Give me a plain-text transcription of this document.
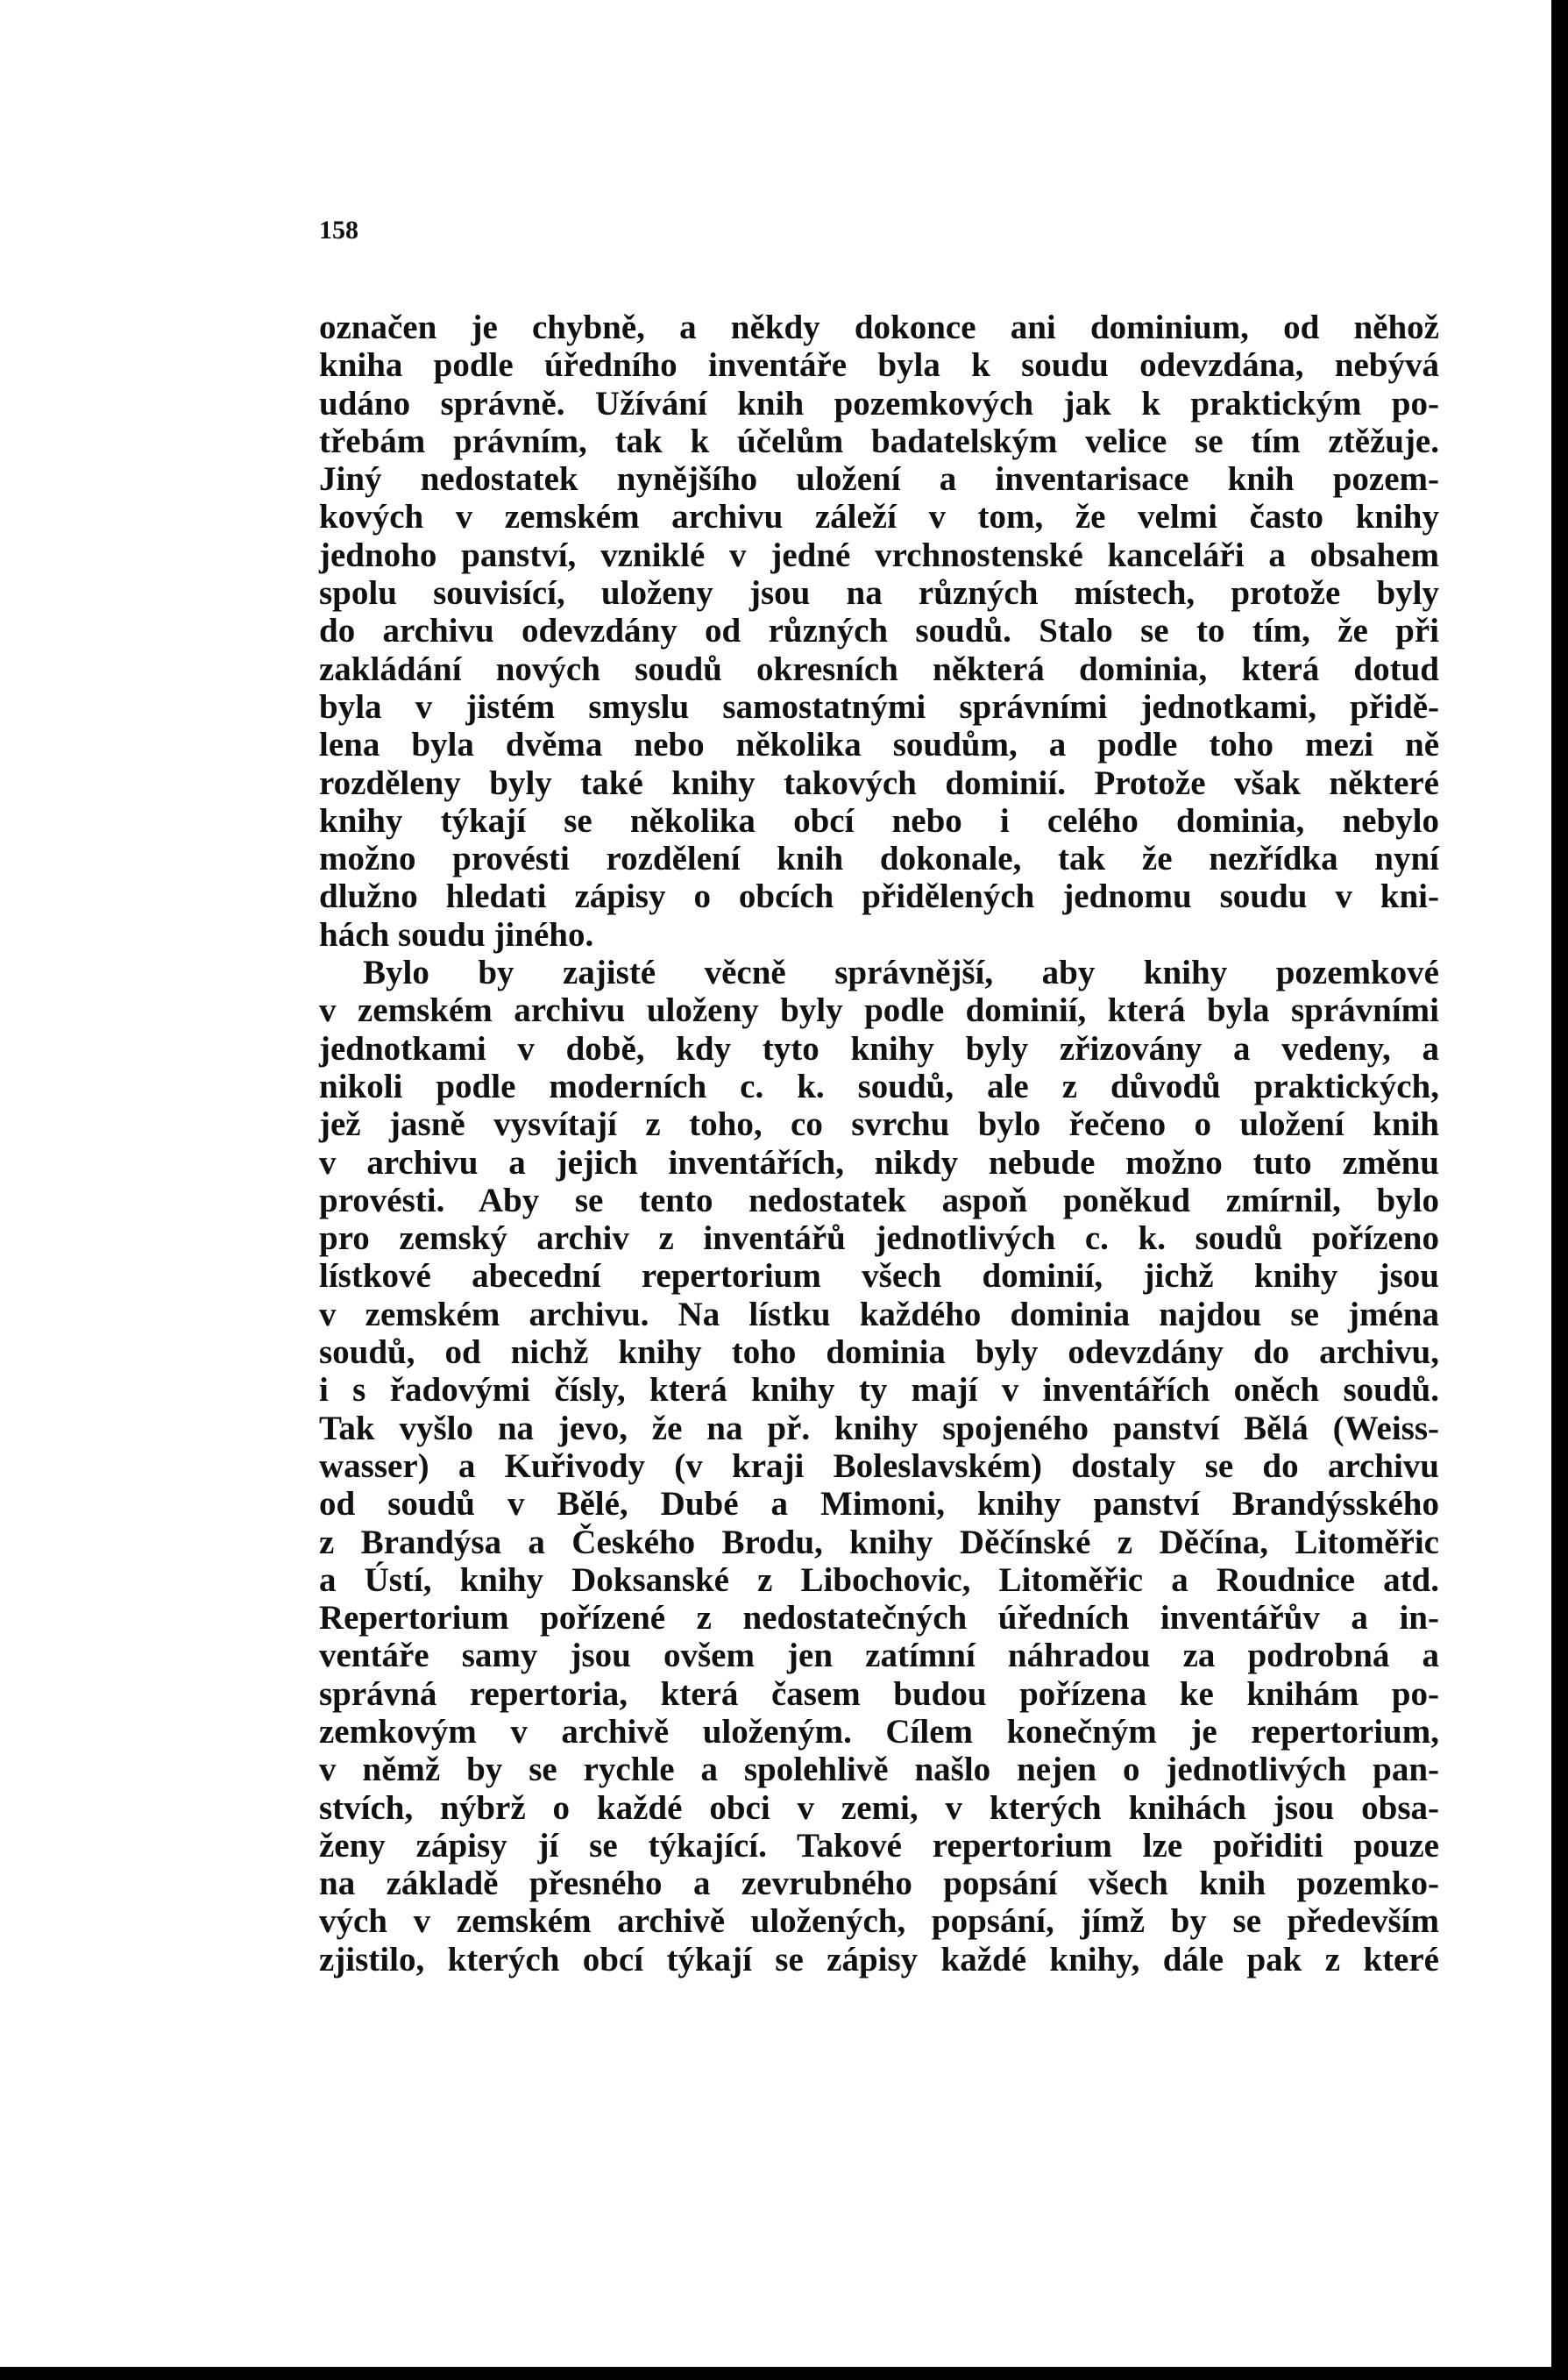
158

označen je chybně, a někdy dokonce ani dominium, od něhož
kniha podle úředního inventáře byla k soudu odevzdána, nebývá
udáno správně. Užívání knih pozemkových jak k praktickým po-
třebám právním, tak k účelům badatelským velice se tím ztěžuje.
Jiný nedostatek nynějšího uložení a inventarisace knih pozem-
kových v zemském archivu záleží v tom, že velmi často knihy
jednoho panství, vzniklé v jedné vrchnostenské kanceláři a obsahem
spolu souvisící, uloženy jsou na různých místech, protože byly
do archivu odevzdány od různých soudů. Stalo se to tím, že při
zakládání nových soudů okresních některá dominia, která dotud
byla v jistém smyslu samostatnými správními jednotkami, přidě-
lena byla dvěma nebo několika soudům, a podle toho mezi ně
rozděleny byly také knihy takových dominií. Protože však některé
knihy týkají se několika obcí nebo i celého dominia, nebylo
možno provésti rozdělení knih dokonale, tak že nezřídka nyní
dlužno hledati zápisy o obcích přidělených jednomu soudu v kni-
hách soudu jiného.
Bylo by zajisté věcně správnější, aby knihy pozemkové
v zemském archivu uloženy byly podle dominií, která byla správními
jednotkami v době, kdy tyto knihy byly zřizovány a vedeny, a
nikoli podle moderních c. k. soudů, ale z důvodů praktických,
jež jasně vysvítají z toho, co svrchu bylo řečeno o uložení knih
v archivu a jejich inventářích, nikdy nebude možno tuto změnu
provésti. Aby se tento nedostatek aspoň poněkud zmírnil, bylo
pro zemský archiv z inventářů jednotlivých c. k. soudů pořízeno
lístkové abecední repertorium všech dominií, jichž knihy jsou
v zemském archivu. Na lístku každého dominia najdou se jména
soudů, od nichž knihy toho dominia byly odevzdány do archivu,
i s řadovými čísly, která knihy ty mají v inventářích oněch soudů.
Tak vyšlo na jevo, že na př. knihy spojeného panství Bělá (Weiss-
wasser) a Kuřivody (v kraji Boleslavském) dostaly se do archivu
od soudů v Bělé, Dubé a Mimoni, knihy panství Brandýsského
z Brandýsa a Českého Brodu, knihy Děčínské z Děčína, Litoměřic
a Ústí, knihy Doksanské z Libochovic, Litoměřic a Roudnice atd.
Repertorium pořízené z nedostatečných úředních inventářův a in-
ventáře samy jsou ovšem jen zatímní náhradou za podrobná a
správná repertoria, která časem budou pořízena ke knihám po-
zemkovým v archivě uloženým. Cílem konečným je repertorium,
v němž by se rychle a spolehlivě našlo nejen o jednotlivých pan-
stvích, nýbrž o každé obci v zemi, v kterých knihách jsou obsa-
ženy zápisy jí se týkající. Takové repertorium lze pořiditi pouze
na základě přesného a zevrubného popsání všech knih pozemko-
vých v zemském archivě uložených, popsání, jímž by se především
zjistilo, kterých obcí týkají se zápisy každé knihy, dále pak z které
